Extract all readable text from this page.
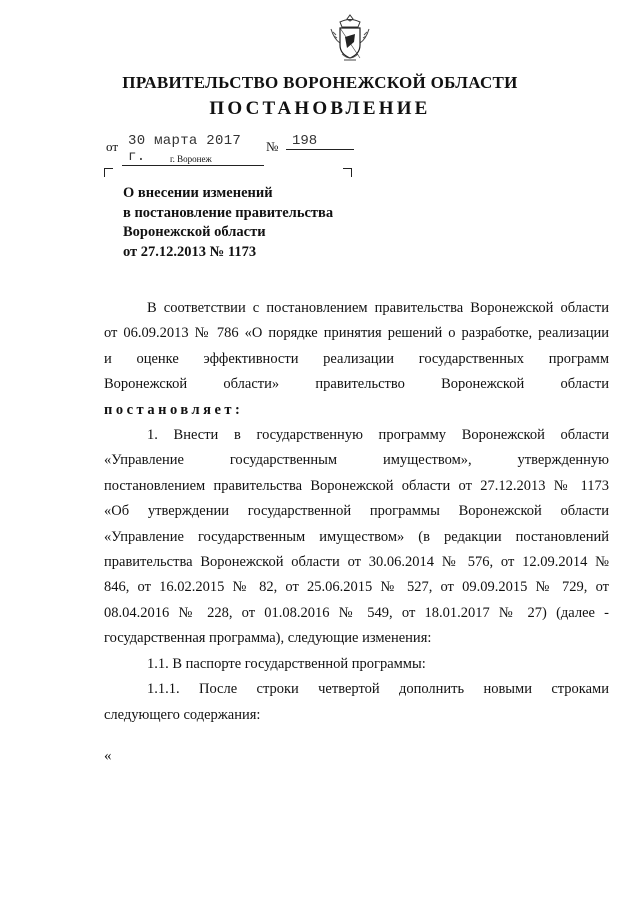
ПРАВИТЕЛЬСТВО ВОРОНЕЖСКОЙ ОБЛАСТИ
ПОСТАНОВЛЕНИЕ
от 30 марта 2017 г.
№ 198
г. Воронеж
О внесении изменений
в постановление правительства
Воронежской области
от 27.12.2013 № 1173
В соответствии с постановлением правительства Воронежской области
от 06.09.2013 № 786 «О порядке принятия решений о разработке, реализации
и оценке эффективности реализации государственных программ
Воронежской области» правительство Воронежской области
постановляет:
1. Внести в государственную программу Воронежской области
«Управление государственным имуществом», утвержденную
постановлением правительства Воронежской области от 27.12.2013 № 1173
«Об утверждении государственной программы Воронежской области
«Управление государственным имуществом» (в редакции постановлений
правительства Воронежской области от 30.06.2014 № 576, от 12.09.2014 №
846, от 16.02.2015 № 82, от 25.06.2015 № 527, от 09.09.2015 № 729, от
08.04.2016 № 228, от 01.08.2016 № 549, от 18.01.2017 № 27) (далее -
государственная программа), следующие изменения:
1.1. В паспорте государственной программы:
1.1.1. После строки четвертой дополнить новыми строками
следующего содержания:
«
